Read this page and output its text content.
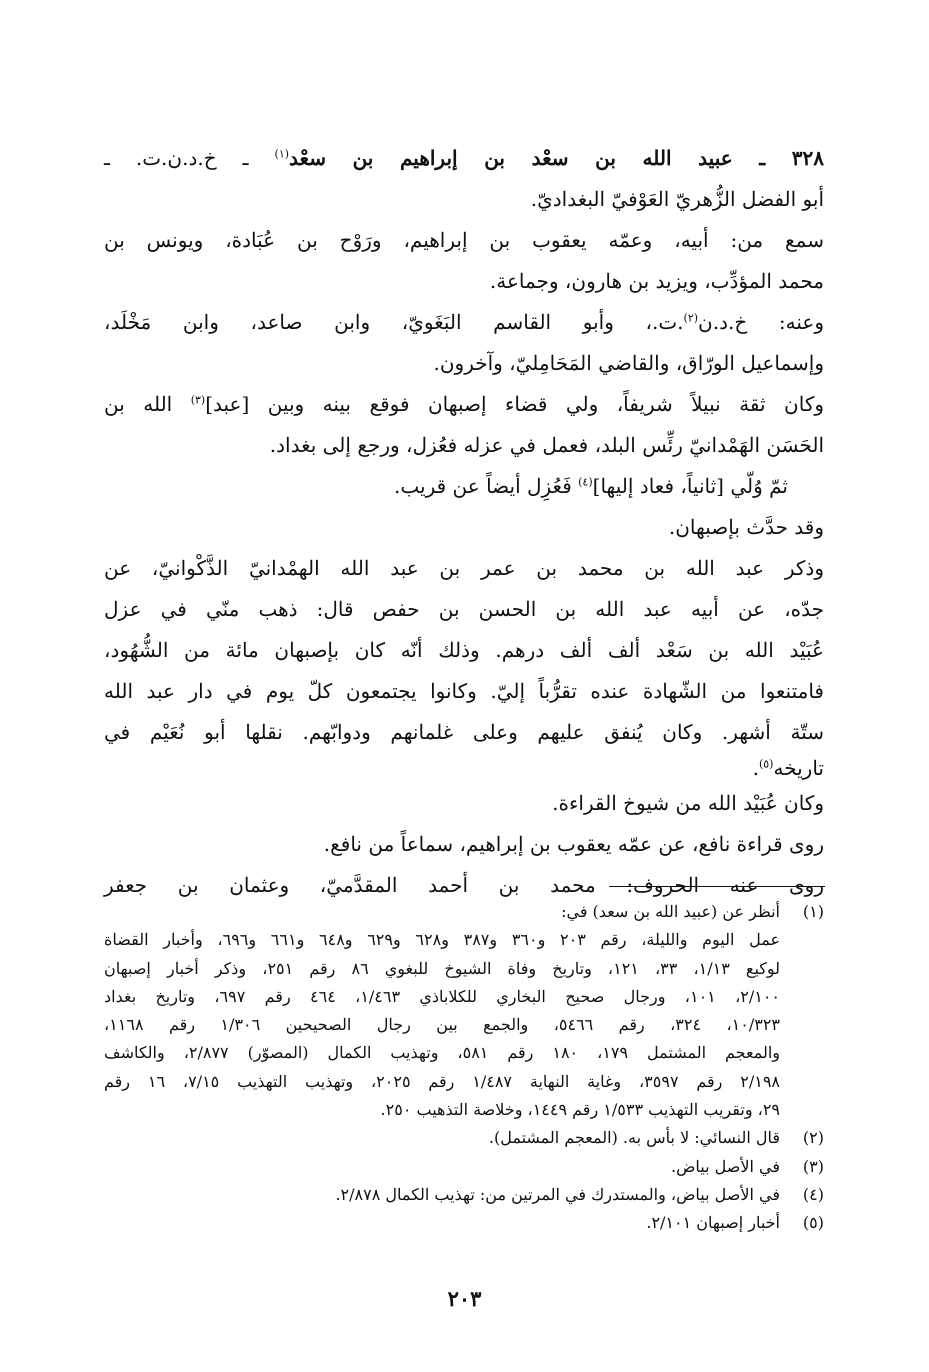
٣٢٨ ـ عبيد الله بن سعْد بن إبراهيم بن سعْد$^{(١)}$ ـ خ.د.ن.ت. ـ
أبو الفضل الزُّهريّ العَوْفيّ البغداديّ.
سمع من: أبيه، وعمّه يعقوب بن إبراهيم، ورَوْح بن عُبَادة، ويونس بن
محمد المؤدِّب، ويزيد بن هارون، وجماعة.
وعنه: خ.د.ن$^{(٢)}$.ت.، وأبو القاسم البَغَويّ، وابن صاعد، وابن مَخْلَد،
وإسماعيل الورّاق، والقاضي المَحَامِليّ، وآخرون.
وكان ثقة نبيلاً شريفاً، ولي قضاء إصبهان فوقع بينه وبين [عبد]$^{(٣)}$ الله بن
الحَسَن الهَمْدانيّ رئِّس البلد، فعمل في عزله فعُزل، ورجع إلى بغداد.
ثمّ وُلّي [ثانياً، فعاد إليها]$^{(٤)}$ فَعُزِل أيضاً عن قريب.
وقد حدَّث بإصبهان.
وذكر عبد الله بن محمد بن عمر بن عبد الله الهمْدانيّ الذَّكْوانيّ، عن
جدّه، عن أبيه عبد الله بن الحسن بن حفص قال: ذهب منّي في عزل
عُبَيْد الله بن سَعْد ألف ألف درهم. وذلك أنّه كان بإصبهان مائة من الشُّهُود،
فامتنعوا من الشّهادة عنده تقرُّباً إليّ. وكانوا يجتمعون كلّ يوم في دار عبد الله
ستّة أشهر. وكان يُنفق عليهم وعلى غلمانهم ودوابّهم. نقلها أبو نُعَيْم في
تاريخه$^{(٥)}$.
وكان عُبَيْد الله من شيوخ القراءة.
روى قراءة نافع، عن عمّه يعقوب بن إبراهيم، سماعاً من نافع.
روى عنه الحروف: محمد بن أحمد المقدَّميّ، وعثمان بن جعفر
(١)
أنظر عن (عبيد الله بن سعد) في:
عمل اليوم والليلة، رقم ٢٠٣ و٣٦٠ و٣٨٧ و٦٢٨ و٦٢٩ و٦٤٨ و٦٦١ و٦٩٦، وأخبار القضاة
لوكيع ١/١٣، ٣٣، ١٢١، وتاريخ وفاة الشيوخ للبغوي ٨٦ رقم ٢٥١، وذكر أخبار إصبهان
٢/١٠٠، ١٠١، ورجال صحيح البخاري للكلاباذي ١/٤٦٣، ٤٦٤ رقم ٦٩٧، وتاريخ بغداد
١٠/٣٢٣، ٣٢٤، رقم ٥٤٦٦، والجمع بين رجال الصحيحين ١/٣٠٦ رقم ١١٦٨،
والمعجم المشتمل ١٧٩، ١٨٠ رقم ٥٨١، وتهذيب الكمال (المصوّر) ٢/٨٧٧، والكاشف
٢/١٩٨ رقم ٣٥٩٧، وغاية النهاية ١/٤٨٧ رقم ٢٠٢٥، وتهذيب التهذيب ٧/١٥، ١٦ رقم
٢٩، وتقريب التهذيب ١/٥٣٣ رقم ١٤٤٩، وخلاصة التذهيب ٢٥٠.
(٢)
قال النسائي: لا بأس به. (المعجم المشتمل).
(٣)
في الأصل بياض.
(٤)
في الأصل بياض، والمستدرك في المرتين من: تهذيب الكمال ٢/٨٧٨.
(٥)
أخبار إصبهان ٢/١٠١.
٢٠٣
